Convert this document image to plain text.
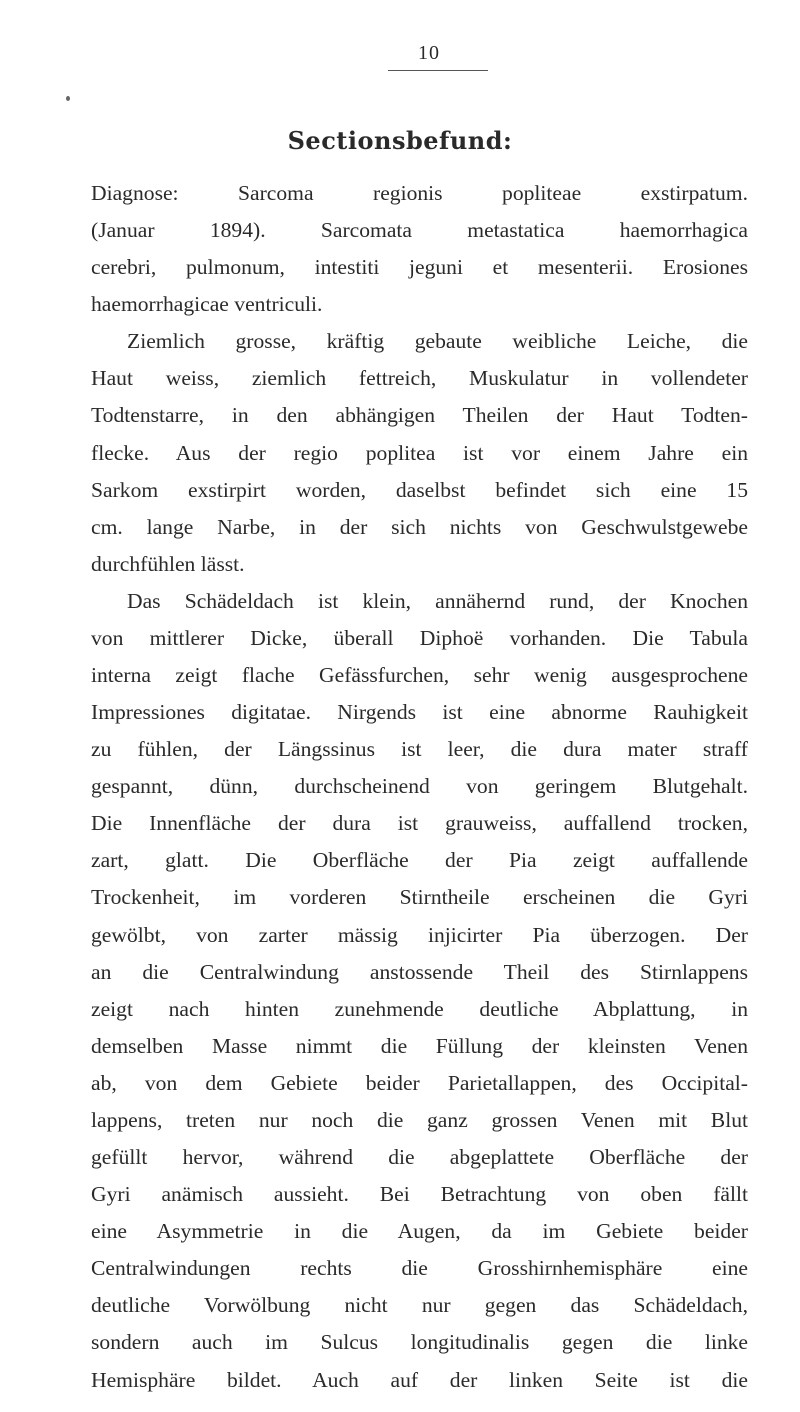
10
Sectionsbefund:
Diagnose: Sarcoma regionis popliteae exstirpatum.
(Januar 1894). Sarcomata metastatica haemorrhagica
cerebri, pulmonum, intestiti jeguni et mesenterii. Erosiones
haemorrhagicae ventriculi.
Ziemlich grosse, kräftig gebaute weibliche Leiche, die
Haut weiss, ziemlich fettreich, Muskulatur in vollendeter
Todtenstarre, in den abhängigen Theilen der Haut Todten-
flecke. Aus der regio poplitea ist vor einem Jahre ein
Sarkom exstirpirt worden, daselbst befindet sich eine 15
cm. lange Narbe, in der sich nichts von Geschwulstgewebe
durchfühlen lässt.
Das Schädeldach ist klein, annähernd rund, der Knochen
von mittlerer Dicke, überall Diphoë vorhanden. Die Tabula
interna zeigt flache Gefässfurchen, sehr wenig ausgesprochene
Impressiones digitatae. Nirgends ist eine abnorme Rauhigkeit
zu fühlen, der Längssinus ist leer, die dura mater straff
gespannt, dünn, durchscheinend von geringem Blutgehalt.
Die Innenfläche der dura ist grauweiss, auffallend trocken,
zart, glatt. Die Oberfläche der Pia zeigt auffallende
Trockenheit, im vorderen Stirntheile erscheinen die Gyri
gewölbt, von zarter mässig injicirter Pia überzogen. Der
an die Centralwindung anstossende Theil des Stirnlappens
zeigt nach hinten zunehmende deutliche Abplattung, in
demselben Masse nimmt die Füllung der kleinsten Venen
ab, von dem Gebiete beider Parietallappen, des Occipital-
lappens, treten nur noch die ganz grossen Venen mit Blut
gefüllt hervor, während die abgeplattete Oberfläche der
Gyri anämisch aussieht. Bei Betrachtung von oben fällt
eine Asymmetrie in die Augen, da im Gebiete beider
Centralwindungen rechts die Grosshirnhemisphäre eine
deutliche Vorwölbung nicht nur gegen das Schädeldach,
sondern auch im Sulcus longitudinalis gegen die linke
Hemisphäre bildet. Auch auf der linken Seite ist die
